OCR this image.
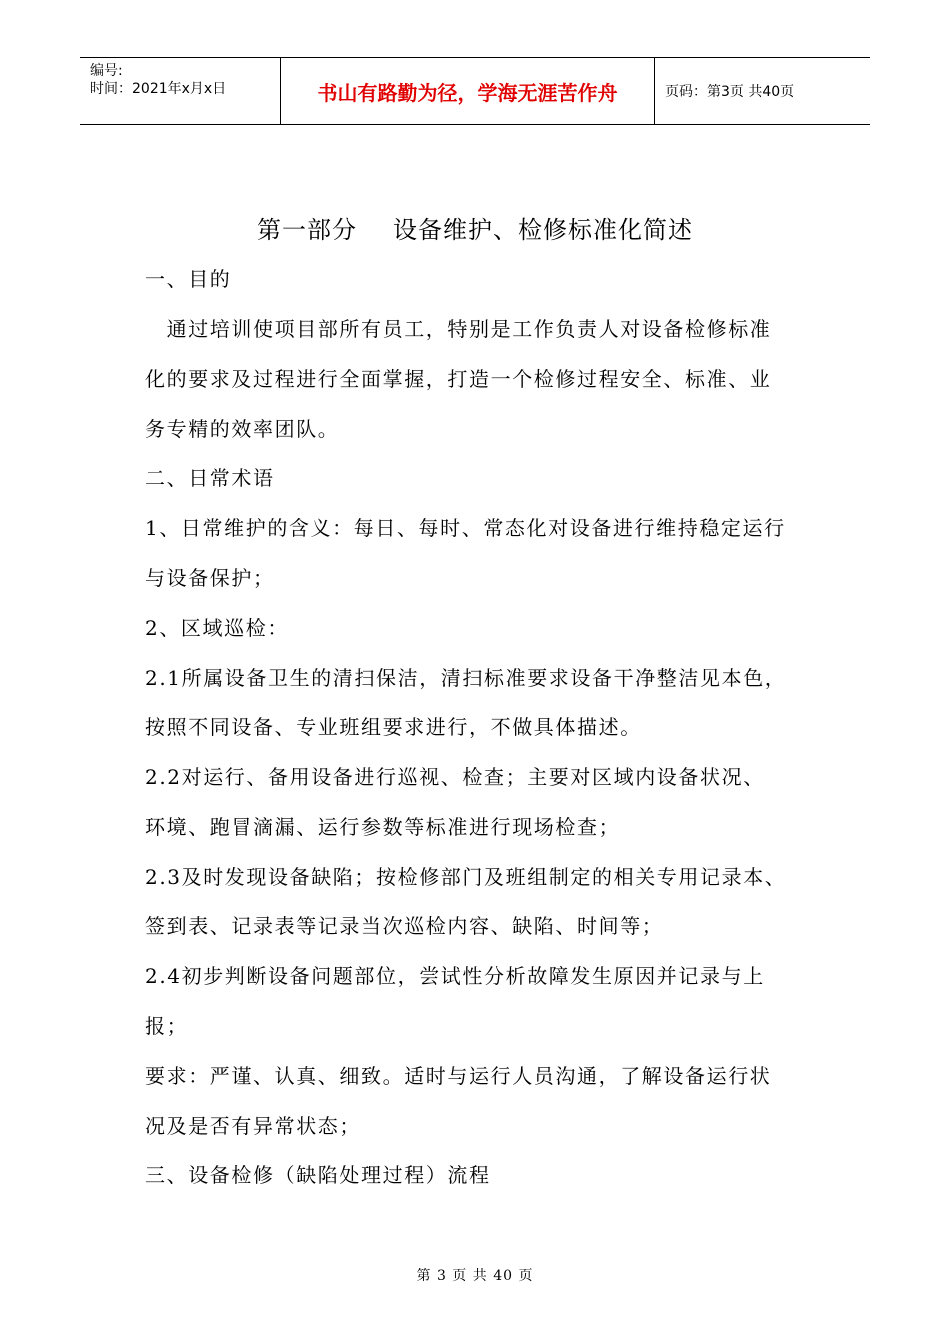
编号:
时间：2021年x月x日	书山有路勤为径，学海无涯苦作舟	页码：第3页 共40页
第一部分 设备维护、检修标准化简述
一、目的
　通过培训使项目部所有员工，特别是工作负责人对设备检修标准
化的要求及过程进行全面掌握，打造一个检修过程安全、标准、业
务专精的效率团队。
二、日常术语
1、日常维护的含义：每日、每时、常态化对设备进行维持稳定运行
与设备保护；
2、区域巡检：
2.1所属设备卫生的清扫保洁，清扫标准要求设备干净整洁见本色，
按照不同设备、专业班组要求进行，不做具体描述。
2.2对运行、备用设备进行巡视、检查；主要对区域内设备状况、
环境、跑冒滴漏、运行参数等标准进行现场检查；
2.3及时发现设备缺陷；按检修部门及班组制定的相关专用记录本、
签到表、记录表等记录当次巡检内容、缺陷、时间等；
2.4初步判断设备问题部位，尝试性分析故障发生原因并记录与上
报；
要求：严谨、认真、细致。适时与运行人员沟通，了解设备运行状
况及是否有异常状态；
三、设备检修（缺陷处理过程）流程
第 3 页 共 40 页
